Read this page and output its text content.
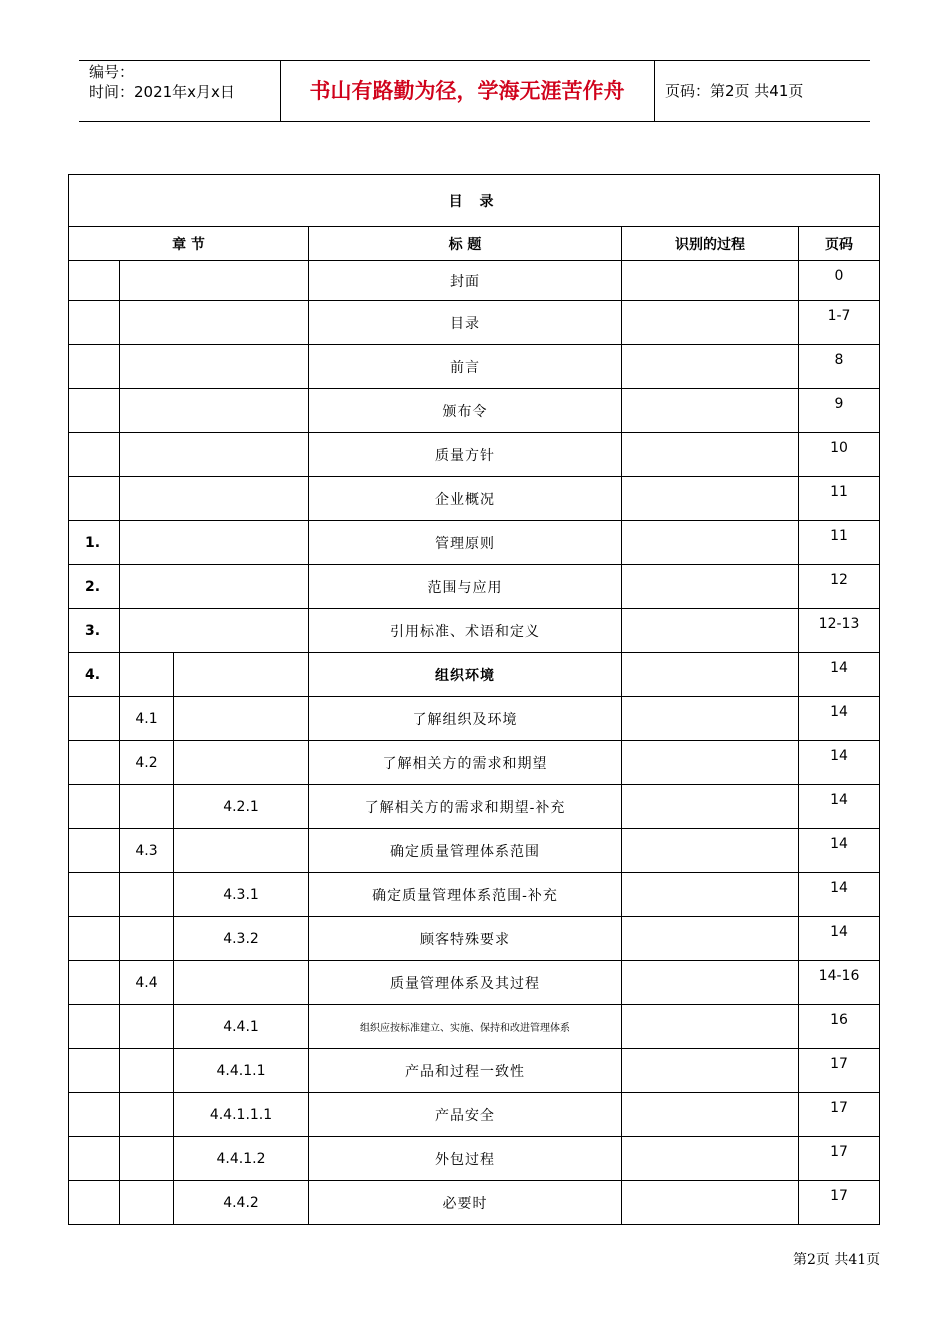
编号：
时间：2021年x月x日	书山有路勤为径，学海无涯苦作舟	页码：第2页 共41页
目 录					
章 节			标 题	识别的过程	页码
			封面		0
			目录		1-7
			前言		8
			颁布令		9
			质量方针		10
			企业概况		11
1.			管理原则		11
2.			范围与应用		12
3.			引用标准、术语和定义		12-13
4.			组织环境		14
	4.1		了解组织及环境		14
	4.2		了解相关方的需求和期望		14
		4.2.1	了解相关方的需求和期望-补充		14
	4.3		确定质量管理体系范围		14
		4.3.1	确定质量管理体系范围-补充		14
		4.3.2	顾客特殊要求		14
	4.4		质量管理体系及其过程		14-16
		4.4.1	组织应按标准建立、实施、保持和改进管理体系		16
		4.4.1.1	产品和过程一致性		17
		4.4.1.1.1	产品安全		17
		4.4.1.2	外包过程		17
		4.4.2	必要时		17
第2页 共41页
